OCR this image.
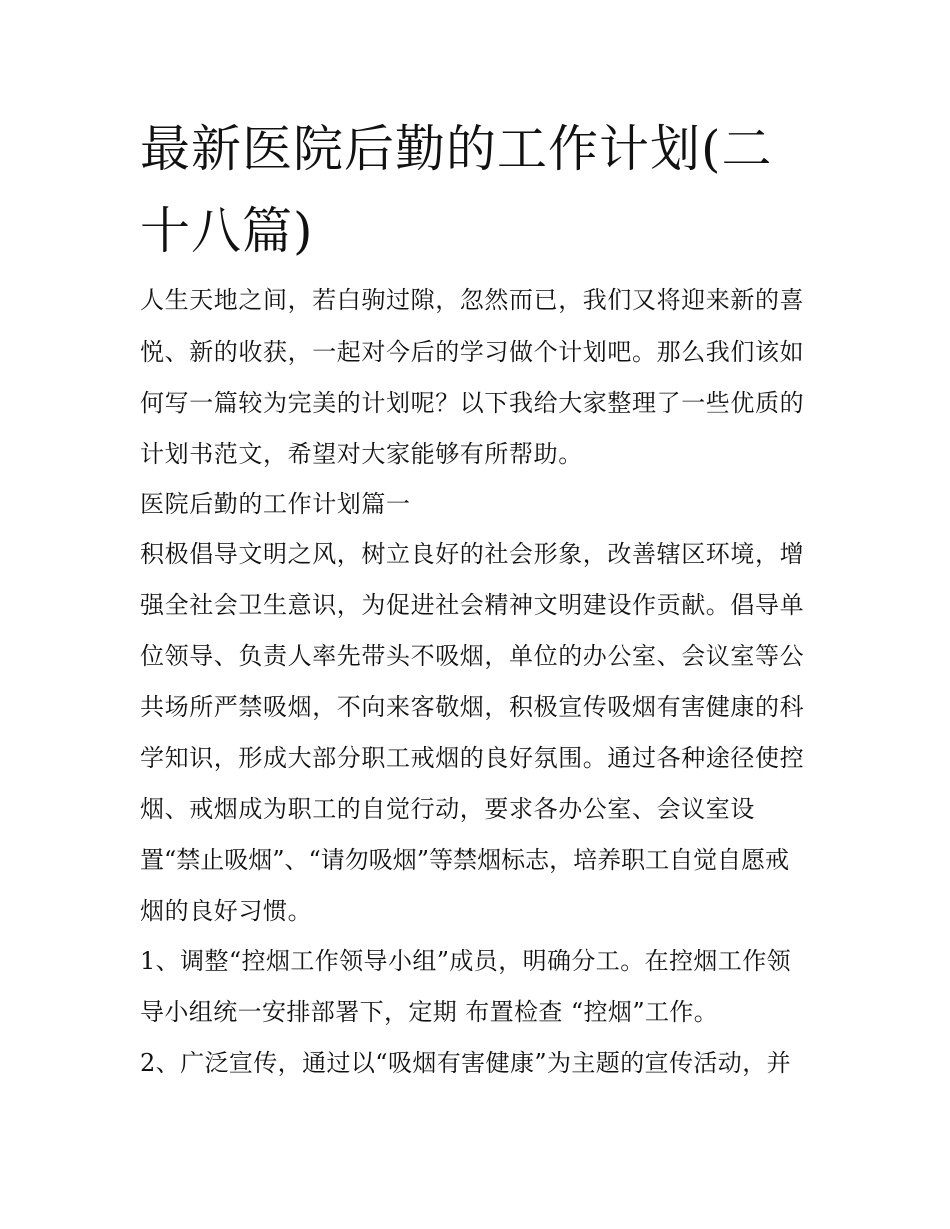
最新医院后勤的工作计划(二十八篇)

人生天地之间，若白驹过隙，忽然而已，我们又将迎来新的喜

悦、新的收获，一起对今后的学习做个计划吧。那么我们该如

何写一篇较为完美的计划呢？以下我给大家整理了一些优质的

计划书范文，希望对大家能够有所帮助。

医院后勤的工作计划篇一

积极倡导文明之风，树立良好的社会形象，改善辖区环境，增

强全社会卫生意识，为促进社会精神文明建设作贡献。倡导单

位领导、负责人率先带头不吸烟，单位的办公室、会议室等公

共场所严禁吸烟，不向来客敬烟，积极宣传吸烟有害健康的科

学知识，形成大部分职工戒烟的良好氛围。通过各种途径使控

烟、戒烟成为职工的自觉行动，要求各办公室、会议室设

置“禁止吸烟”、“请勿吸烟”等禁烟标志，培养职工自觉自愿戒

烟的良好习惯。

1、调整“控烟工作领导小组”成员，明确分工。在控烟工作领

导小组统一安排部署下，定期 布置检查 “控烟”工作。

2、广泛宣传，通过以“吸烟有害健康”为主题的宣传活动，并
